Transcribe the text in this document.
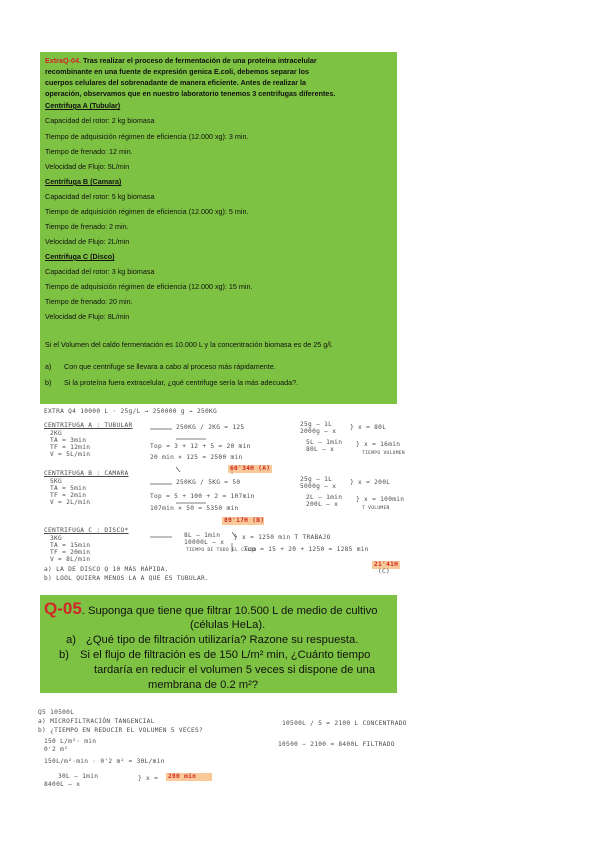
ExtraQ-04. Tras realizar el proceso de fermentación de una proteína intracelular
recombinante en una fuente de expresión genica E.coli, debemos separar los
cuerpos celulares del sobrenadante de manera eficiente. Antes de realizar la
operación, observamos que en nuestro laboratorio tenemos 3 centrifugas diferentes.
Centrifuga A (Tubular)
Capacidad del rotor: 2 kg biomasa
Tiempo de adquisición régimen de eficiencia (12.000 xg): 3 min.
Tiempo de frenado: 12 min.
Velocidad de Flujo: 5L/min
Centrifuga B (Camara)
Capacidad del rotor: 5 kg biomasa
Tiempo de adquisición régimen de eficiencia (12.000 xg): 5 min.
Tiempo de frenado: 2 min.
Velocidad de Flujo: 2L/min
Centrifuga C (Disco)
Capacidad del rotor: 3 kg biomasa
Tiempo de adquisición régimen de eficiencia (12.000 xg): 15 min.
Tiempo de frenado: 20 min.
Velocidad de Flujo: 8L/min
Si el Volumen del caldo fermentación es 10.000 L y la concentración biomasa es de 25 g/l.
a) Con que centrifuge se llevara a cabo al proceso más rápidamente.
b) Si la proteína fuera extracelular, ¿qué centrifuge sería la más adecuada?.
EXTRA Q4 10000 L · 25g/L → 250000 g → 250KG
CENTRIFUGA A : TUBULAR
2KG
TA = 3min
TF = 12min
V = 5L/min
250KG / 2KG = 125
Top = 3 + 12 + 5 = 20 min
20 min × 125 = 2500 min
60'34H (A)
25g — 1L
2000g — x
} x = 80L
5L — 1min
80L — x
} x = 16min
TIEMPO VOLUMEN
CENTRIFUGA B : CAMARA
5KG
TA = 5min
TF = 2min
V = 2L/min
250KG / 5KG = 50
Top = 5 + 100 + 2 = 107min
107min × 50 = 5350 min
89'17H (B)
25g — 1L
5000g — x
} x = 200L
2L — 1min
200L — x
} x = 100min
T VOLUMEN
CENTRIFUGA C : DISCO*
3KG
TA = 15min
TF = 20min
V = 8L/min
8L — 1min
10000L — x
} x = 1250 min T TRABAJO
TIEMPO DE TODO EL CALDO
Top = 15 + 20 + 1250 = 1285 min
21'41H
(C)
a) LA DE DISCO Q 10 MÁS RÁPIDA.
b) LOOL QUIERA MENOS LA A QUE ES TUBULAR.
Q-05. Suponga que tiene que filtrar 10.500 L de medio de cultivo
(células HeLa).
a) ¿Qué tipo de filtración utilizaría? Razone su respuesta.
b) Si el flujo de filtración es de 150 L/m² min, ¿Cuánto tiempo
tardaría en reducir el volumen 5 veces si dispone de una
membrana de 0.2 m²?
Q5 10500L
a) MICROFILTRACIÓN TANGENCIAL
b) ¿TIEMPO EN REDUCIR EL VOLUMEN 5 VECES?
150 L/m²· min
0'2 m²
150L/m²·min · 0'2 m² = 30L/min
30L — 1min
8400L — x
} x = 280 min
10500L / 5 = 2100 L CONCENTRADO
10500 − 2100 = 8400L FILTRADO
